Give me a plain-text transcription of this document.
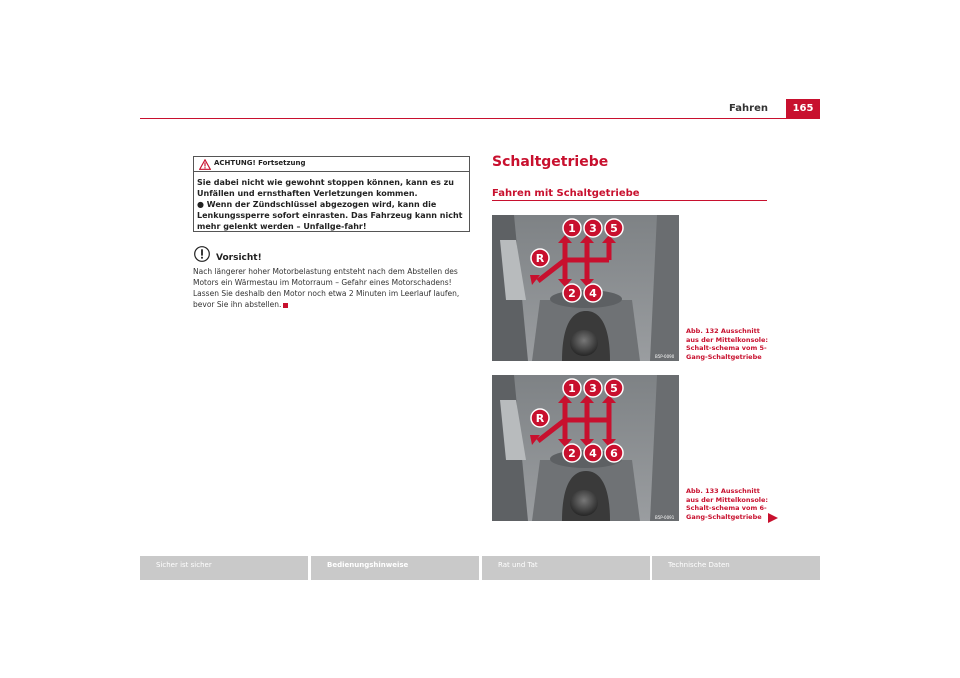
Fahren	165
ACHTUNG! Fortsetzung
Sie dabei nicht wie gewohnt stoppen können, kann es zu Unfällen und ernsthaften Verletzungen kommen.
● Wenn der Zündschlüssel abgezogen wird, kann die Lenkungssperre sofort einrasten. Das Fahrzeug kann nicht mehr gelenkt werden – Unfallge-fahr!
Vorsicht!
Nach längerer hoher Motorbelastung entsteht nach dem Abstellen des Motors ein Wärmestau im Motorraum – Gefahr eines Motorschadens! Lassen Sie deshalb den Motor noch etwa 2 Minuten im Leerlauf laufen, bevor Sie ihn abstellen.
Schaltgetriebe
Fahren mit Schaltgetriebe
R
1 3 5
2 4
B5P-0090
Abb. 132 Ausschnitt aus der Mittelkonsole: Schalt-schema vom 5-Gang-Schaltgetriebe
R
1 3 5
2 4 6
B5P-0091
Abb. 133 Ausschnitt aus der Mittelkonsole: Schalt-schema vom 6-Gang-Schaltgetriebe
Sicher ist sicher	Bedienungshinweise	Rat und Tat	Technische Daten
